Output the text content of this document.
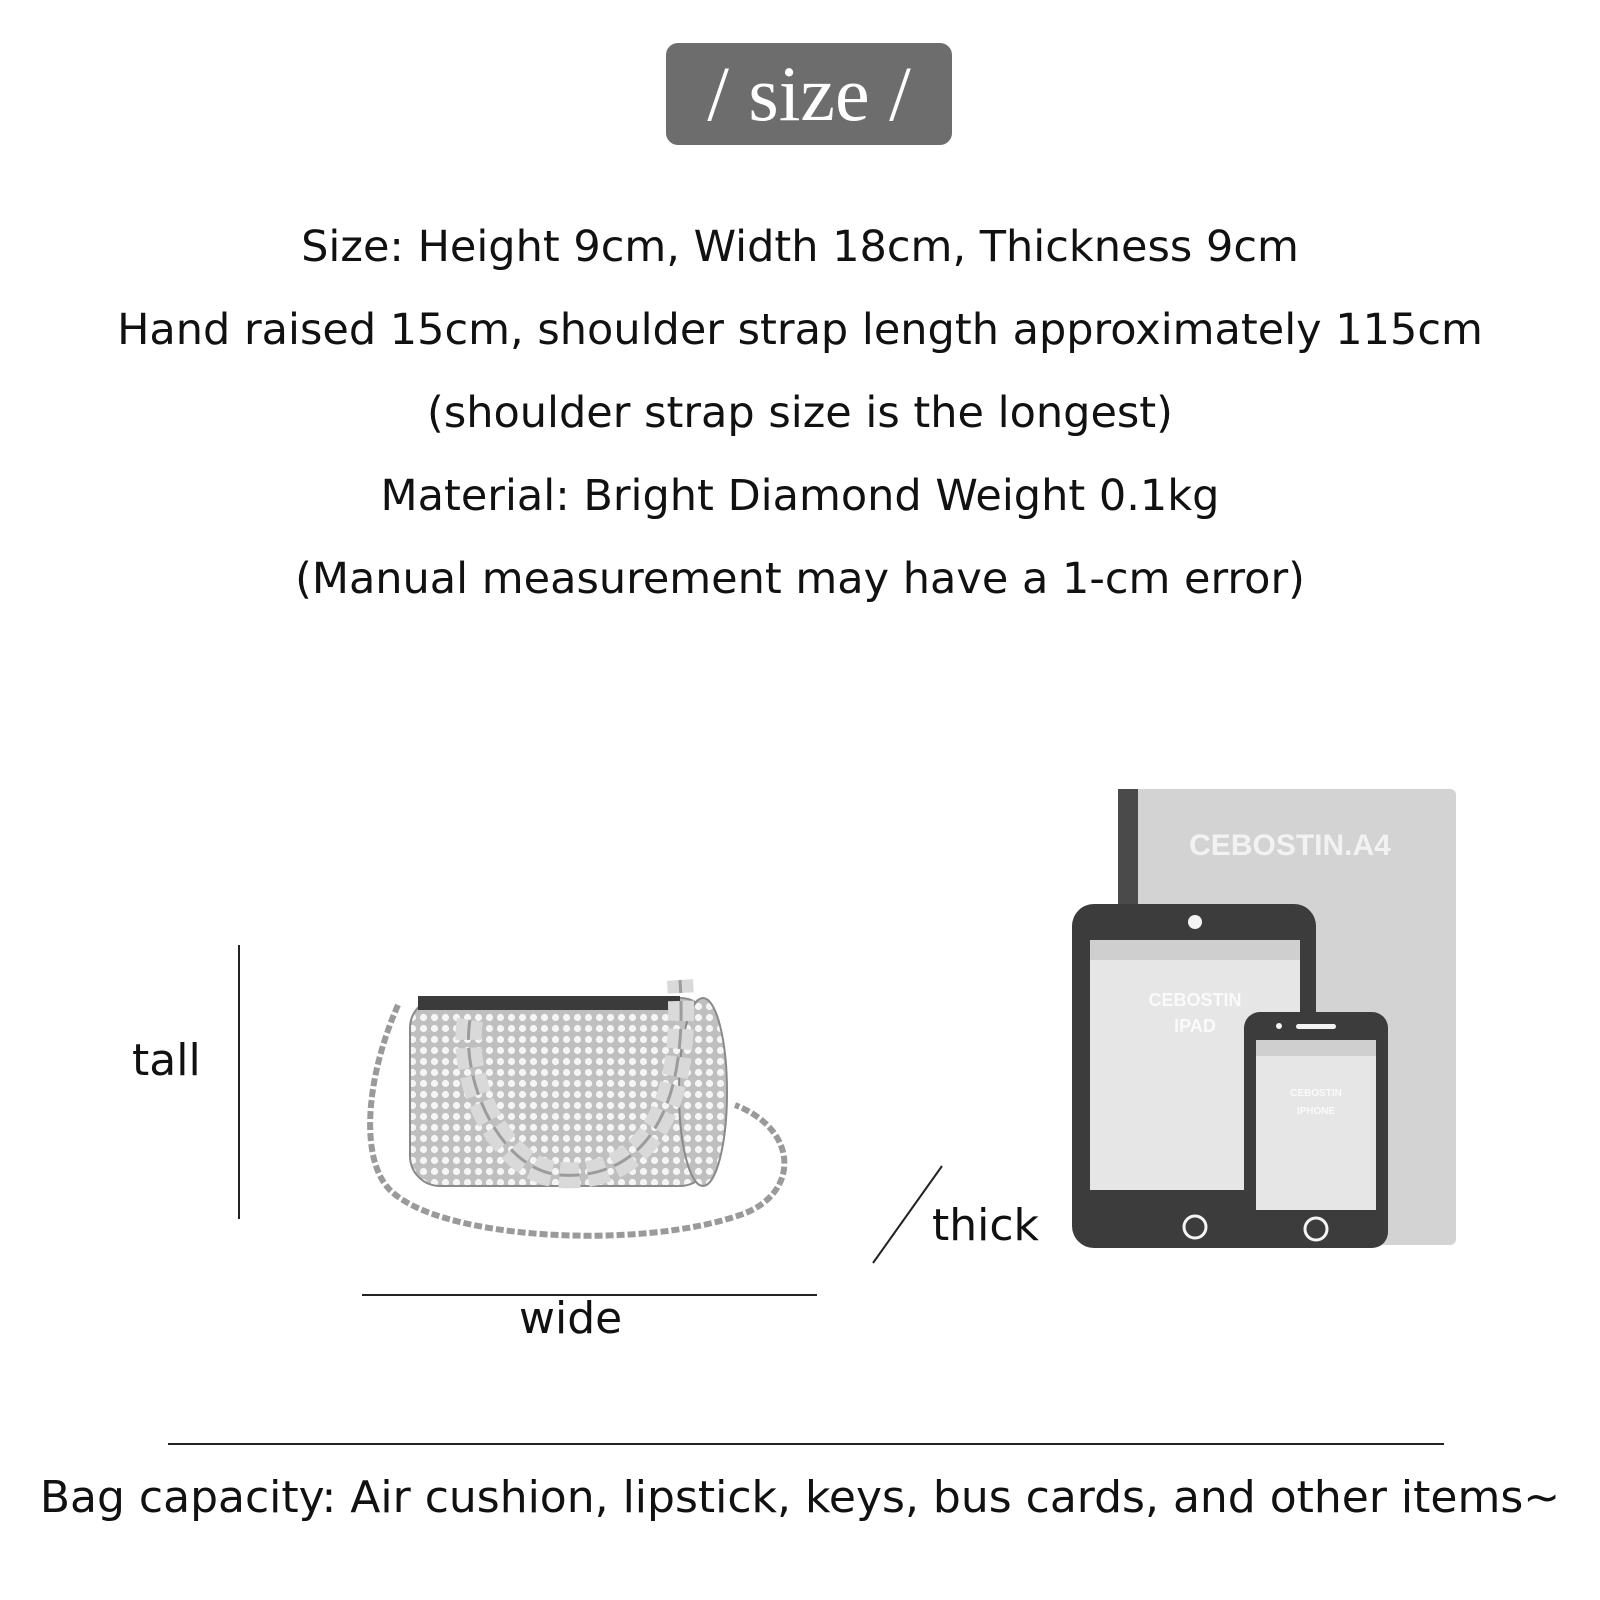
/ size /
Size: Height 9cm, Width 18cm, Thickness 9cm
Hand raised 15cm, shoulder strap length approximately 115cm
(shoulder strap size is the longest)
Material: Bright Diamond Weight 0.1kg
(Manual measurement may have a 1-cm error)
tall
wide
thick
CEBOSTIN.A4
CEBOSTIN
IPAD
CEBOSTIN
IPHONE
Bag capacity: Air cushion, lipstick, keys, bus cards, and other items~
